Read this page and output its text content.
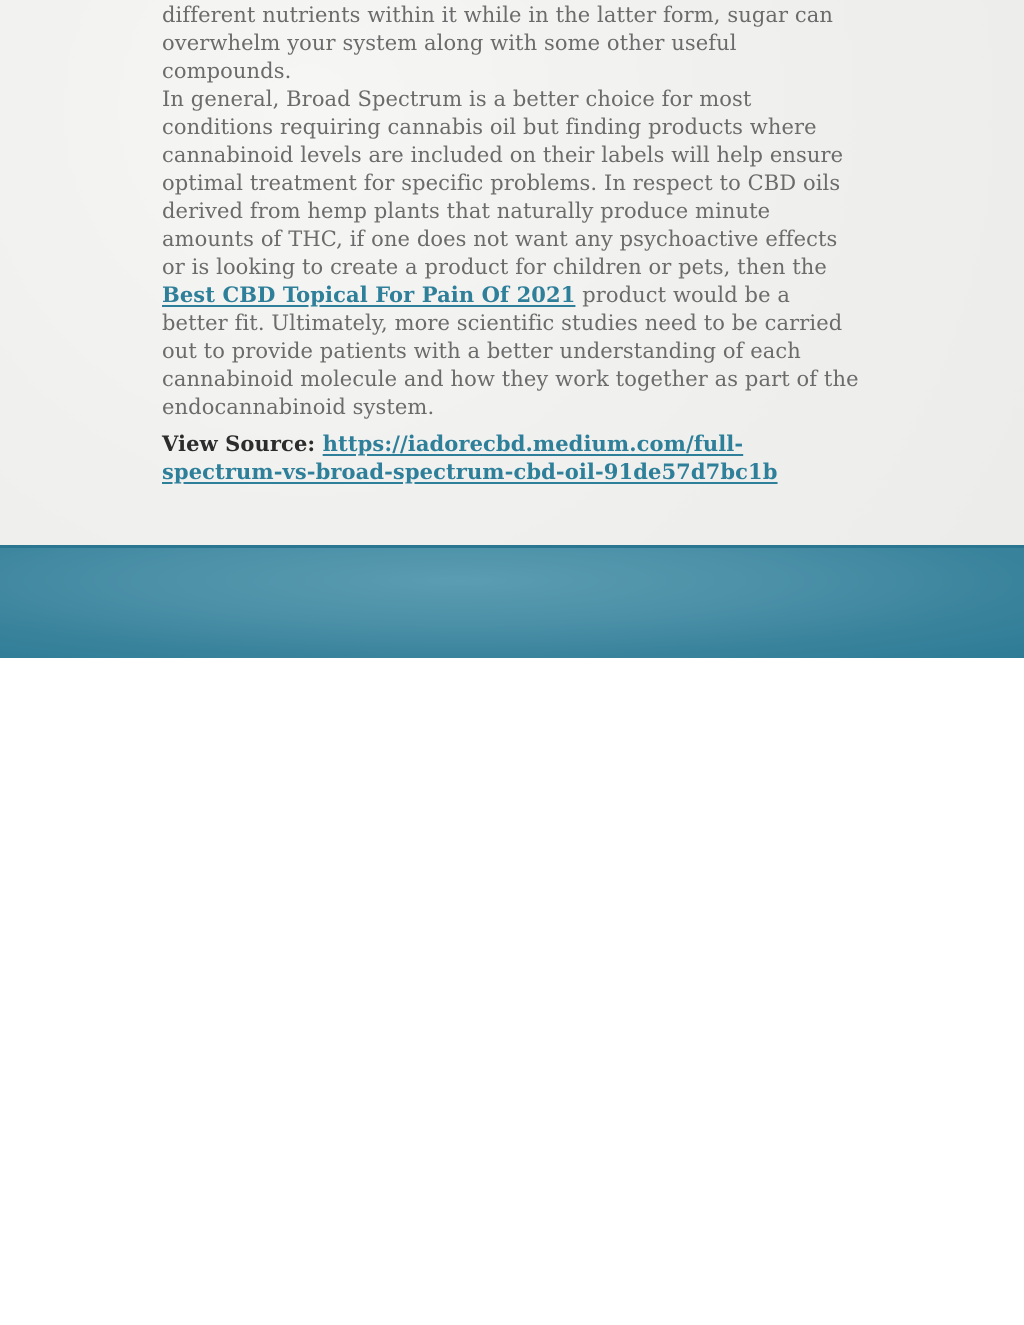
different nutrients within it while in the latter form, sugar can overwhelm your system along with some other useful compounds.

In general, Broad Spectrum is a better choice for most conditions requiring cannabis oil but finding products where cannabinoid levels are included on their labels will help ensure optimal treatment for specific problems. In respect to CBD oils derived from hemp plants that naturally produce minute amounts of THC, if one does not want any psychoactive effects or is looking to create a product for children or pets, then the Best CBD Topical For Pain Of 2021 product would be a better fit. Ultimately, more scientific studies need to be carried out to provide patients with a better understanding of each cannabinoid molecule and how they work together as part of the endocannabinoid system.

View Source: https://iadorecbd.medium.com/full-spectrum-vs-broad-spectrum-cbd-oil-91de57d7bc1b
